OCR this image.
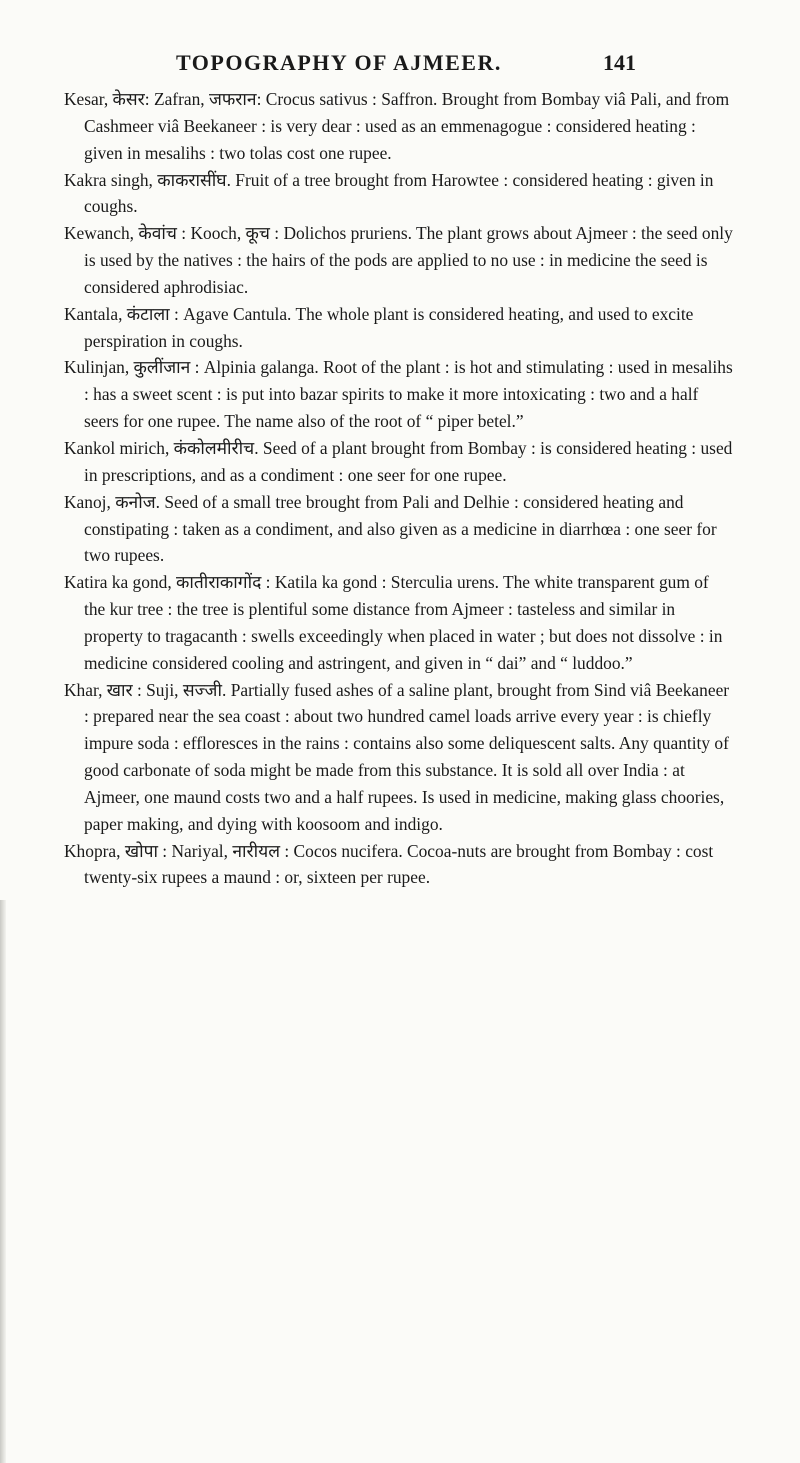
TOPOGRAPHY OF AJMEER.	141

Kesar, केसर: Zafran, जफरान: Crocus sativus : Saffron. Brought from Bombay viâ Pali, and from Cashmeer viâ Beekaneer : is very dear : used as an emmenagogue : considered heating : given in mesalihs : two tolas cost one rupee.

Kakra singh, काकरासींघ. Fruit of a tree brought from Harowtee : considered heating : given in coughs.

Kewanch, केवांच : Kooch, कूच : Dolichos pruriens. The plant grows about Ajmeer : the seed only is used by the natives : the hairs of the pods are applied to no use : in medicine the seed is considered aphrodisiac.

Kantala, कंटाला : Agave Cantula. The whole plant is considered heating, and used to excite perspiration in coughs.

Kulinjan, कुलींजान : Alpinia galanga. Root of the plant : is hot and stimulating : used in mesalihs : has a sweet scent : is put into bazar spirits to make it more intoxicating : two and a half seers for one rupee. The name also of the root of “ piper betel.”

Kankol mirich, कंकोलमीरीच. Seed of a plant brought from Bombay : is considered heating : used in prescriptions, and as a condiment : one seer for one rupee.

Kanoj, कनोज. Seed of a small tree brought from Pali and Delhie : considered heating and constipating : taken as a condiment, and also given as a medicine in diarrhœa : one seer for two rupees.

Katira ka gond, कातीराकागोंद : Katila ka gond : Sterculia urens. The white transparent gum of the kur tree : the tree is plentiful some distance from Ajmeer : tasteless and similar in property to tragacanth : swells exceedingly when placed in water ; but does not dissolve : in medicine considered cooling and astringent, and given in “ dai” and “ luddoo.”

Khar, खार : Suji, सज्जी. Partially fused ashes of a saline plant, brought from Sind viâ Beekaneer : prepared near the sea coast : about two hundred camel loads arrive every year : is chiefly impure soda : effloresces in the rains : contains also some deliquescent salts. Any quantity of good carbonate of soda might be made from this substance. It is sold all over India : at Ajmeer, one maund costs two and a half rupees. Is used in medicine, making glass choories, paper making, and dying with koosoom and indigo.

Khopra, खोपा : Nariyal, नारीयल : Cocos nucifera. Cocoa-nuts are brought from Bombay : cost twenty-six rupees a maund : or, sixteen per rupee.
